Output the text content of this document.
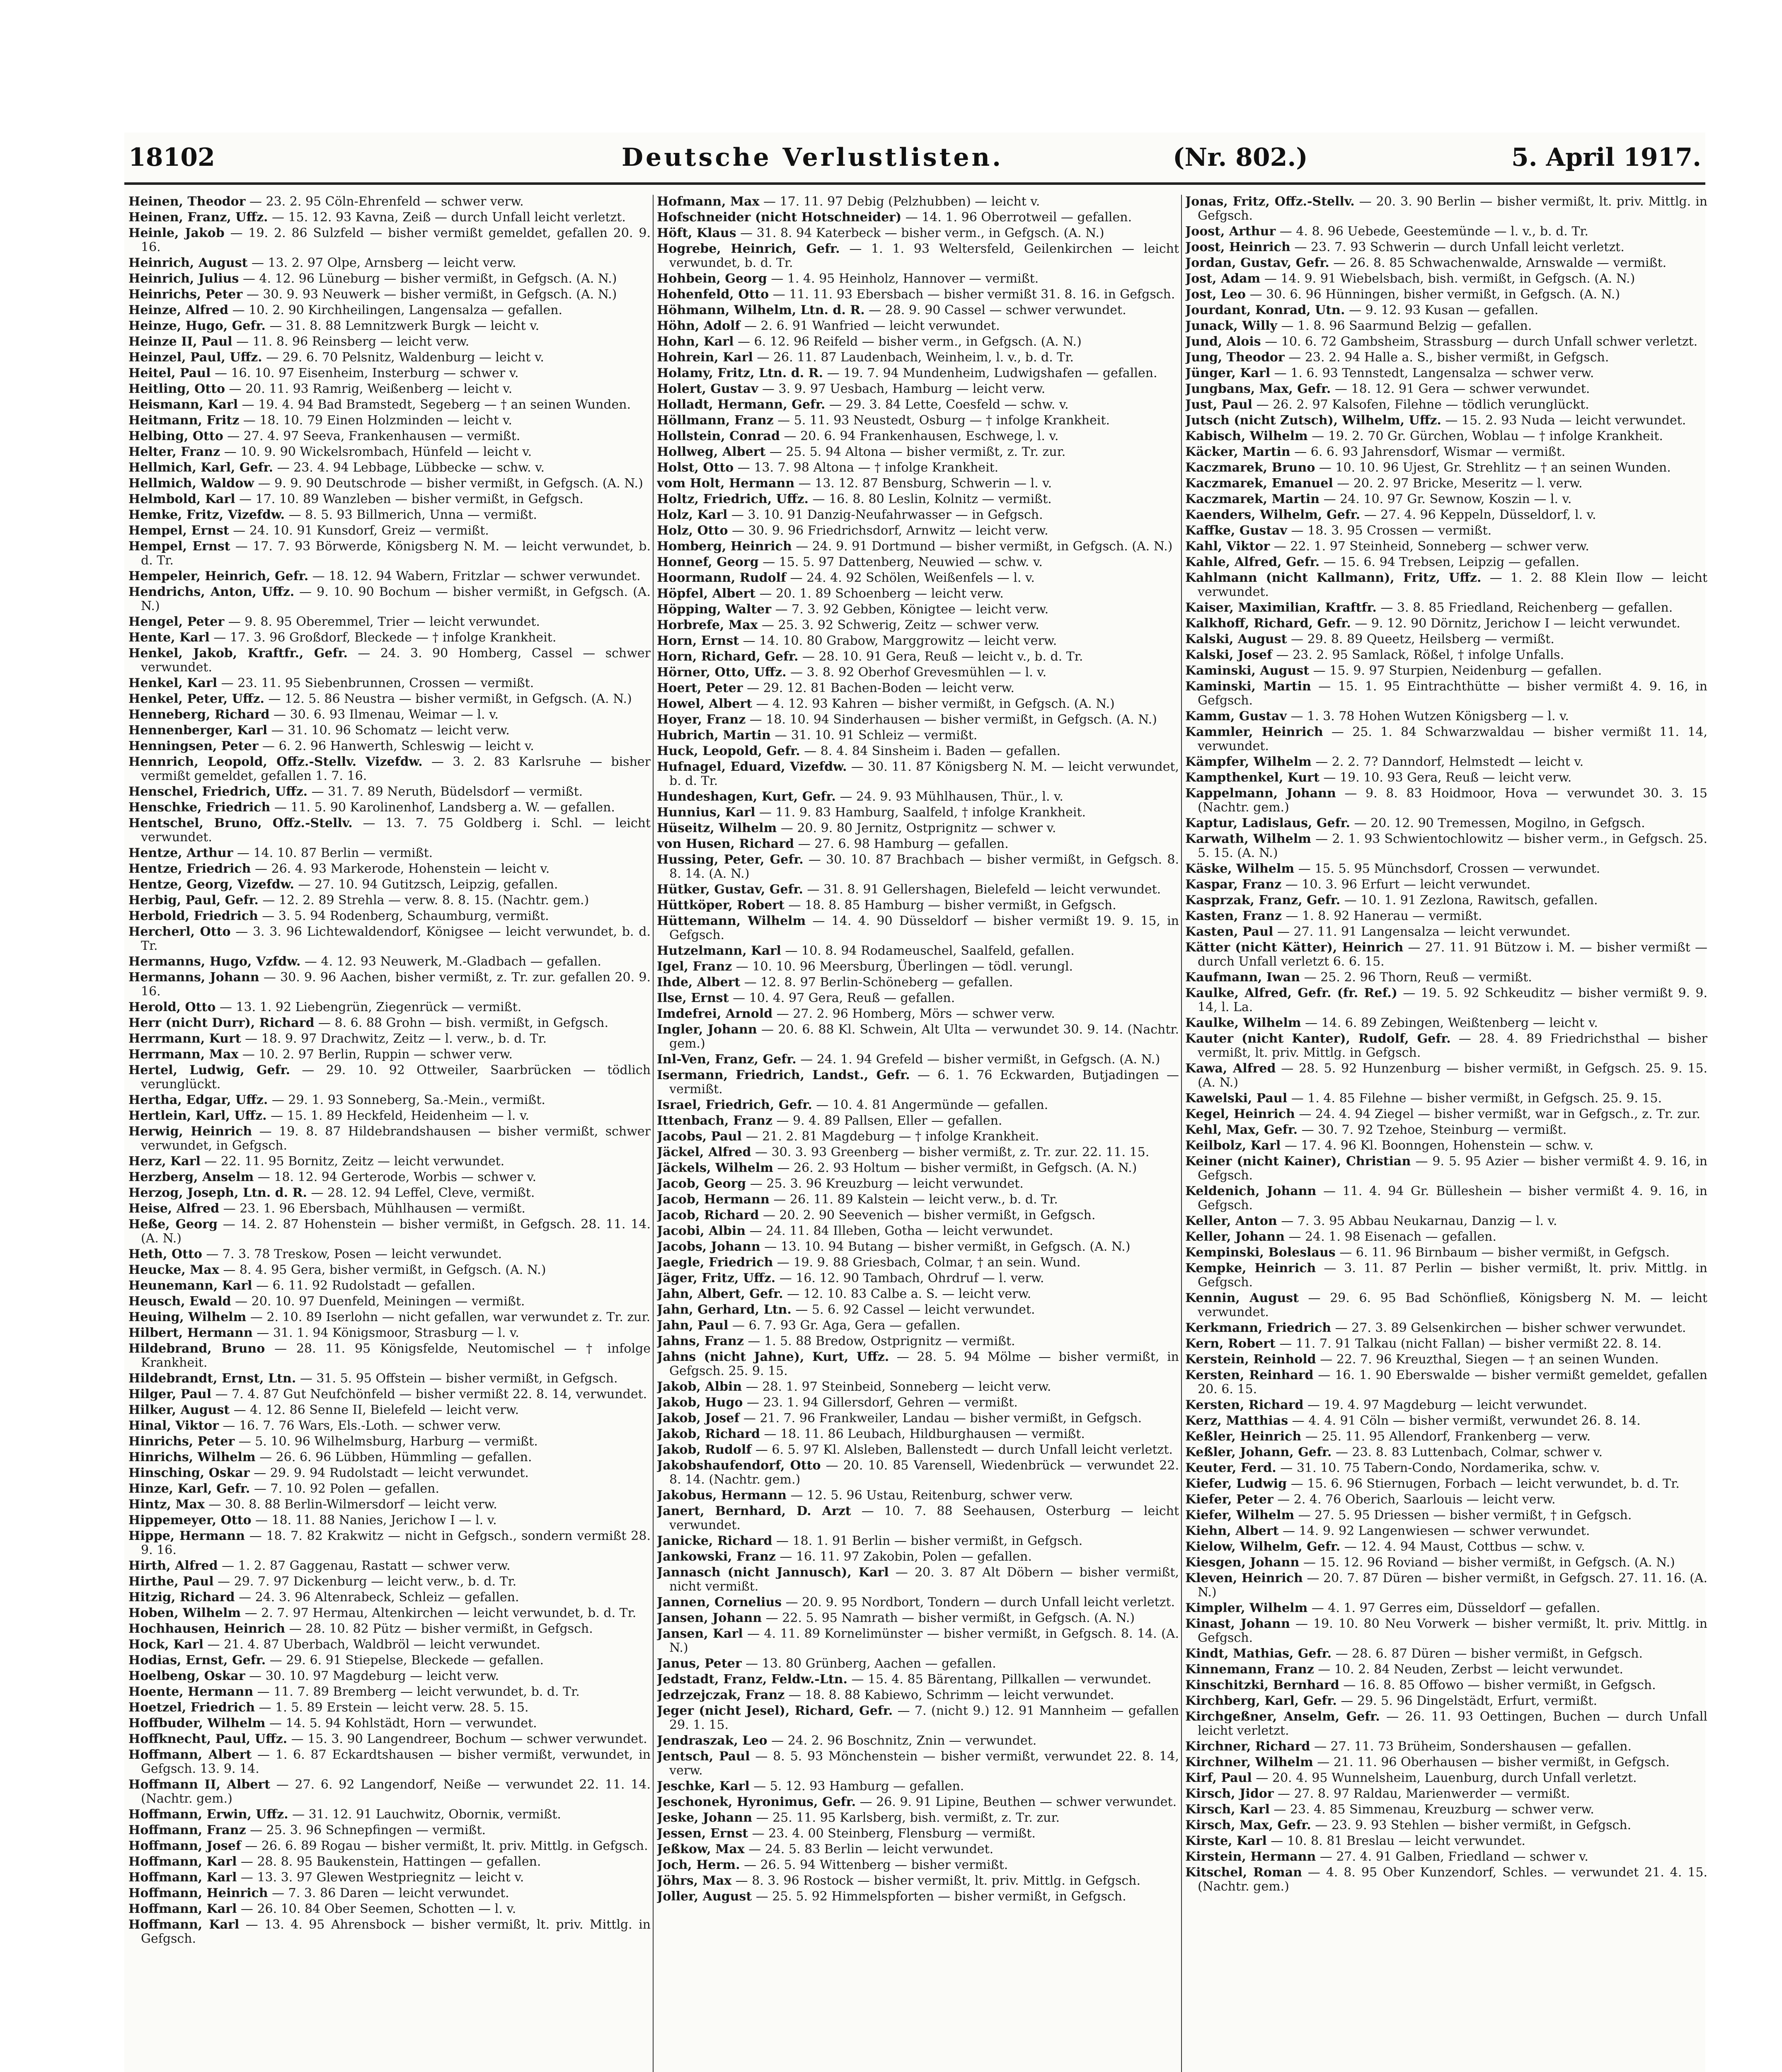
18102	Deutsche Verlustlisten.	(Nr. 802.)	5. April 1917.
Heinen, Theodor — 23. 2. 95 Cöln-Ehrenfeld — schwer verw.
Heinen, Franz, Uffz. — 15. 12. 93 Kavna, Zeiß — durch Unfall leicht verletzt.
Heinle, Jakob — 19. 2. 86 Sulzfeld — bisher vermißt gemeldet, gefallen 20. 9. 16.
Heinrich, August — 13. 2. 97 Olpe, Arnsberg — leicht verw.
Heinrich, Julius — 4. 12. 96 Lüneburg — bisher vermißt, in Gefgsch. (A. N.)
Heinrichs, Peter — 30. 9. 93 Neuwerk — bisher vermißt, in Gefgsch. (A. N.)
Heinze, Alfred — 10. 2. 90 Kirchheilingen, Langensalza — gefallen.
Heinze, Hugo, Gefr. — 31. 8. 88 Lemnitzwerk Burgk — leicht v.
Heinze II, Paul — 11. 8. 96 Reinsberg — leicht verw.
Heinzel, Paul, Uffz. — 29. 6. 70 Pelsnitz, Waldenburg — leicht v.
Heitel, Paul — 16. 10. 97 Eisenheim, Insterburg — schwer v.
Heitling, Otto — 20. 11. 93 Ramrig, Weißenberg — leicht v.
Heismann, Karl — 19. 4. 94 Bad Bramstedt, Segeberg — † an seinen Wunden.
Heitmann, Fritz — 18. 10. 79 Einen Holzminden — leicht v.
Helbing, Otto — 27. 4. 97 Seeva, Frankenhausen — vermißt.
Helter, Franz — 10. 9. 90 Wickelsrombach, Hünfeld — leicht v.
Hellmich, Karl, Gefr. — 23. 4. 94 Lebbage, Lübbecke — schw. v.
Hellmich, Waldow — 9. 9. 90 Deutschrode — bisher vermißt, in Gefgsch. (A. N.)
Helmbold, Karl — 17. 10. 89 Wanzleben — bisher vermißt, in Gefgsch.
Hemke, Fritz, Vizefdw. — 8. 5. 93 Billmerich, Unna — vermißt.
Hempel, Ernst — 24. 10. 91 Kunsdorf, Greiz — vermißt.
Hempel, Ernst — 17. 7. 93 Börwerde, Königsberg N. M. — leicht verwundet, b. d. Tr.
Hempeler, Heinrich, Gefr. — 18. 12. 94 Wabern, Fritzlar — schwer verwundet.
Hendrichs, Anton, Uffz. — 9. 10. 90 Bochum — bisher vermißt, in Gefgsch. (A. N.)
Hengel, Peter — 9. 8. 95 Oberemmel, Trier — leicht verwundet.
Hente, Karl — 17. 3. 96 Großdorf, Bleckede — † infolge Krankheit.
Henkel, Jakob, Kraftfr., Gefr. — 24. 3. 90 Homberg, Cassel — schwer verwundet.
Henkel, Karl — 23. 11. 95 Siebenbrunnen, Crossen — vermißt.
Henkel, Peter, Uffz. — 12. 5. 86 Neustra — bisher vermißt, in Gefgsch. (A. N.)
Henneberg, Richard — 30. 6. 93 Ilmenau, Weimar — l. v.
Hennenberger, Karl — 31. 10. 96 Schomatz — leicht verw.
Henningsen, Peter — 6. 2. 96 Hanwerth, Schleswig — leicht v.
Hennrich, Leopold, Offz.-Stellv. Vizefdw. — 3. 2. 83 Karlsruhe — bisher vermißt gemeldet, gefallen 1. 7. 16.
Henschel, Friedrich, Uffz. — 31. 7. 89 Neruth, Büdelsdorf — vermißt.
Henschke, Friedrich — 11. 5. 90 Karolinenhof, Landsberg a. W. — gefallen.
Hentschel, Bruno, Offz.-Stellv. — 13. 7. 75 Goldberg i. Schl. — leicht verwundet.
Hentze, Arthur — 14. 10. 87 Berlin — vermißt.
Hentze, Friedrich — 26. 4. 93 Markerode, Hohenstein — leicht v.
Hentze, Georg, Vizefdw. — 27. 10. 94 Gutitzsch, Leipzig, gefallen.
Herbig, Paul, Gefr. — 12. 2. 89 Strehla — verw. 8. 8. 15. (Nachtr. gem.)
Herbold, Friedrich — 3. 5. 94 Rodenberg, Schaumburg, vermißt.
Hercherl, Otto — 3. 3. 96 Lichtewaldendorf, Königsee — leicht verwundet, b. d. Tr.
Hermanns, Hugo, Vzfdw. — 4. 12. 93 Neuwerk, M.-Gladbach — gefallen.
Hermanns, Johann — 30. 9. 96 Aachen, bisher vermißt, z. Tr. zur. gefallen 20. 9. 16.
Herold, Otto — 13. 1. 92 Liebengrün, Ziegenrück — vermißt.
Herr (nicht Durr), Richard — 8. 6. 88 Grohn — bish. vermißt, in Gefgsch.
Herrmann, Kurt — 18. 9. 97 Drachwitz, Zeitz — l. verw., b. d. Tr.
Herrmann, Max — 10. 2. 97 Berlin, Ruppin — schwer verw.
Hertel, Ludwig, Gefr. — 29. 10. 92 Ottweiler, Saarbrücken — tödlich verunglückt.
Hertha, Edgar, Uffz. — 29. 1. 93 Sonneberg, Sa.-Mein., vermißt.
Hertlein, Karl, Uffz. — 15. 1. 89 Heckfeld, Heidenheim — l. v.
Herwig, Heinrich — 19. 8. 87 Hildebrandshausen — bisher vermißt, schwer verwundet, in Gefgsch.
Herz, Karl — 22. 11. 95 Bornitz, Zeitz — leicht verwundet.
Herzberg, Anselm — 18. 12. 94 Gerterode, Worbis — schwer v.
Herzog, Joseph, Ltn. d. R. — 28. 12. 94 Leffel, Cleve, vermißt.
Heise, Alfred — 23. 1. 96 Ebersbach, Mühlhausen — vermißt.
Heße, Georg — 14. 2. 87 Hohenstein — bisher vermißt, in Gefgsch. 28. 11. 14. (A. N.)
Heth, Otto — 7. 3. 78 Treskow, Posen — leicht verwundet.
Heucke, Max — 8. 4. 95 Gera, bisher vermißt, in Gefgsch. (A. N.)
Heunemann, Karl — 6. 11. 92 Rudolstadt — gefallen.
Heusch, Ewald — 20. 10. 97 Duenfeld, Meiningen — vermißt.
Heuing, Wilhelm — 2. 10. 89 Iserlohn — nicht gefallen, war verwundet z. Tr. zur.
Hilbert, Hermann — 31. 1. 94 Königsmoor, Strasburg — l. v.
Hildebrand, Bruno — 28. 11. 95 Königsfelde, Neutomischel — † infolge Krankheit.
Hildebrandt, Ernst, Ltn. — 31. 5. 95 Offstein — bisher vermißt, in Gefgsch.
Hilger, Paul — 7. 4. 87 Gut Neufchönfeld — bisher vermißt 22. 8. 14, verwundet.
Hilker, August — 4. 12. 86 Senne II, Bielefeld — leicht verw.
Hinal, Viktor — 16. 7. 76 Wars, Els.-Loth. — schwer verw.
Hinrichs, Peter — 5. 10. 96 Wilhelmsburg, Harburg — vermißt.
Hinrichs, Wilhelm — 26. 6. 96 Lübben, Hümmling — gefallen.
Hinsching, Oskar — 29. 9. 94 Rudolstadt — leicht verwundet.
Hinze, Karl, Gefr. — 7. 10. 92 Polen — gefallen.
Hintz, Max — 30. 8. 88 Berlin-Wilmersdorf — leicht verw.
Hippemeyer, Otto — 18. 11. 88 Nanies, Jerichow I — l. v.
Hippe, Hermann — 18. 7. 82 Krakwitz — nicht in Gefgsch., sondern vermißt 28. 9. 16.
Hirth, Alfred — 1. 2. 87 Gaggenau, Rastatt — schwer verw.
Hirthe, Paul — 29. 7. 97 Dickenburg — leicht verw., b. d. Tr.
Hitzig, Richard — 24. 3. 96 Altenrabeck, Schleiz — gefallen.
Hoben, Wilhelm — 2. 7. 97 Hermau, Altenkirchen — leicht verwundet, b. d. Tr.
Hochhausen, Heinrich — 28. 10. 82 Pütz — bisher vermißt, in Gefgsch.
Hock, Karl — 21. 4. 87 Uberbach, Waldbröl — leicht verwundet.
Hodias, Ernst, Gefr. — 29. 6. 91 Stiepelse, Bleckede — gefallen.
Hoelbeng, Oskar — 30. 10. 97 Magdeburg — leicht verw.
Hoente, Hermann — 11. 7. 89 Bremberg — leicht verwundet, b. d. Tr.
Hoetzel, Friedrich — 1. 5. 89 Erstein — leicht verw. 28. 5. 15.
Hoffbuder, Wilhelm — 14. 5. 94 Kohlstädt, Horn — verwundet.
Hoffknecht, Paul, Uffz. — 15. 3. 90 Langendreer, Bochum — schwer verwundet.
Hoffmann, Albert — 1. 6. 87 Eckardtshausen — bisher vermißt, verwundet, in Gefgsch. 13. 9. 14.
Hoffmann II, Albert — 27. 6. 92 Langendorf, Neiße — verwundet 22. 11. 14. (Nachtr. gem.)
Hoffmann, Erwin, Uffz. — 31. 12. 91 Lauchwitz, Oborniк, vermißt.
Hoffmann, Franz — 25. 3. 96 Schnepfingen — vermißt.
Hoffmann, Josef — 26. 6. 89 Rogau — bisher vermißt, lt. priv. Mittlg. in Gefgsch.
Hoffmann, Karl — 28. 8. 95 Baukenstein, Hattingen — gefallen.
Hoffmann, Karl — 13. 3. 97 Glewen Westpriegnitz — leicht v.
Hoffmann, Heinrich — 7. 3. 86 Daren — leicht verwundet.
Hoffmann, Karl — 26. 10. 84 Ober Seemen, Schotten — l. v.
Hoffmann, Karl — 13. 4. 95 Ahrensbock — bisher vermißt, lt. priv. Mittlg. in Gefgsch.
Hofmann, Max — 17. 11. 97 Debig (Pelzhubben) — leicht v.
Hofschneider (nicht Hotschneider) — 14. 1. 96 Oberrotweil — gefallen.
Höft, Klaus — 31. 8. 94 Katerbeck — bisher verm., in Gefgsch. (A. N.)
Hogrebe, Heinrich, Gefr. — 1. 1. 93 Weltersfeld, Geilenkirchen — leicht verwundet, b. d. Tr.
Hohbein, Georg — 1. 4. 95 Heinholz, Hannover — vermißt.
Hohenfeld, Otto — 11. 11. 93 Ebersbach — bisher vermißt 31. 8. 16. in Gefgsch.
Höhmann, Wilhelm, Ltn. d. R. — 28. 9. 90 Cassel — schwer verwundet.
Höhn, Adolf — 2. 6. 91 Wanfried — leicht verwundet.
Hohn, Karl — 6. 12. 96 Reifeld — bisher verm., in Gefgsch. (A. N.)
Hohrein, Karl — 26. 11. 87 Laudenbach, Weinheim, l. v., b. d. Tr.
Holamy, Fritz, Ltn. d. R. — 19. 7. 94 Mundenheim, Ludwigshafen — gefallen.
Holert, Gustav — 3. 9. 97 Uesbach, Hamburg — leicht verw.
Holladt, Hermann, Gefr. — 29. 3. 84 Lette, Coesfeld — schw. v.
Höllmann, Franz — 5. 11. 93 Neustedt, Osburg — † infolge Krankheit.
Hollstein, Conrad — 20. 6. 94 Frankenhausen, Eschwege, l. v.
Hollweg, Albert — 25. 5. 94 Altona — bisher vermißt, z. Tr. zur.
Holst, Otto — 13. 7. 98 Altona — † infolge Krankheit.
vom Holt, Hermann — 13. 12. 87 Bensburg, Schwerin — l. v.
Holtz, Friedrich, Uffz. — 16. 8. 80 Leslin, Kolnitz — vermißt.
Holz, Karl — 3. 10. 91 Danzig-Neufahrwasser — in Gefgsch.
Holz, Otto — 30. 9. 96 Friedrichsdorf, Arnwitz — leicht verw.
Homberg, Heinrich — 24. 9. 91 Dortmund — bisher vermißt, in Gefgsch. (A. N.)
Honnef, Georg — 15. 5. 97 Dattenberg, Neuwied — schw. v.
Hoormann, Rudolf — 24. 4. 92 Schölen, Weißenfels — l. v.
Höpfel, Albert — 20. 1. 89 Schoenberg — leicht verw.
Höpping, Walter — 7. 3. 92 Gebben, Königtee — leicht verw.
Horbrefe, Max — 25. 3. 92 Schwerig, Zeitz — schwer verw.
Horn, Ernst — 14. 10. 80 Grabow, Marggrowitz — leicht verw.
Horn, Richard, Gefr. — 28. 10. 91 Gera, Reuß — leicht v., b. d. Tr.
Hörner, Otto, Uffz. — 3. 8. 92 Oberhof Grevesmühlen — l. v.
Hoert, Peter — 29. 12. 81 Bachen-Boden — leicht verw.
Howel, Albert — 4. 12. 93 Kahren — bisher vermißt, in Gefgsch. (A. N.)
Hoyer, Franz — 18. 10. 94 Sinderhausen — bisher vermißt, in Gefgsch. (A. N.)
Hubrich, Martin — 31. 10. 91 Schleiz — vermißt.
Huck, Leopold, Gefr. — 8. 4. 84 Sinsheim i. Baden — gefallen.
Hufnagel, Eduard, Vizefdw. — 30. 11. 87 Königsberg N. M. — leicht verwundet, b. d. Tr.
Hundeshagen, Kurt, Gefr. — 24. 9. 93 Mühlhausen, Thür., l. v.
Hunnius, Karl — 11. 9. 83 Hamburg, Saalfeld, † infolge Krankheit.
Hüseitz, Wilhelm — 20. 9. 80 Jernitz, Ostprignitz — schwer v.
von Husen, Richard — 27. 6. 98 Hamburg — gefallen.
Hussing, Peter, Gefr. — 30. 10. 87 Brachbach — bisher vermißt, in Gefgsch. 8. 8. 14. (A. N.)
Hütker, Gustav, Gefr. — 31. 8. 91 Gellershagen, Bielefeld — leicht verwundet.
Hüttköper, Robert — 18. 8. 85 Hamburg — bisher vermißt, in Gefgsch.
Hüttemann, Wilhelm — 14. 4. 90 Düsseldorf — bisher vermißt 19. 9. 15, in Gefgsch.
Hutzelmann, Karl — 10. 8. 94 Rodameuschel, Saalfeld, gefallen.
Igel, Franz — 10. 10. 96 Meersburg, Überlingen — tödl. verungl.
Ihde, Albert — 12. 8. 97 Berlin-Schöneberg — gefallen.
Ilse, Ernst — 10. 4. 97 Gera, Reuß — gefallen.
Imdefrei, Arnold — 27. 2. 96 Homberg, Mörs — schwer verw.
Ingler, Johann — 20. 6. 88 Kl. Schwein, Alt Ulta — verwundet 30. 9. 14. (Nachtr. gem.)
Inl-Ven, Franz, Gefr. — 24. 1. 94 Grefeld — bisher vermißt, in Gefgsch. (A. N.)
Isermann, Friedrich, Landst., Gefr. — 6. 1. 76 Eckwarden, Butjadingen — vermißt.
Israel, Friedrich, Gefr. — 10. 4. 81 Angermünde — gefallen.
Ittenbach, Franz — 9. 4. 89 Pallsen, Eller — gefallen.
Jacobs, Paul — 21. 2. 81 Magdeburg — † infolge Krankheit.
Jäckel, Alfred — 30. 3. 93 Greenberg — bisher vermißt, z. Tr. zur. 22. 11. 15.
Jäckels, Wilhelm — 26. 2. 93 Holtum — bisher vermißt, in Gefgsch. (A. N.)
Jacob, Georg — 25. 3. 96 Kreuzburg — leicht verwundet.
Jacob, Hermann — 26. 11. 89 Kalstein — leicht verw., b. d. Tr.
Jacob, Richard — 20. 2. 90 Seevenich — bisher vermißt, in Gefgsch.
Jacobi, Albin — 24. 11. 84 Illeben, Gotha — leicht verwundet.
Jacobs, Johann — 13. 10. 94 Butang — bisher vermißt, in Gefgsch. (A. N.)
Jaegle, Friedrich — 19. 9. 88 Griesbach, Colmar, † an sein. Wund.
Jäger, Fritz, Uffz. — 16. 12. 90 Tambach, Ohrdruf — l. verw.
Jahn, Albert, Gefr. — 12. 10. 83 Calbe a. S. — leicht verw.
Jahn, Gerhard, Ltn. — 5. 6. 92 Cassel — leicht verwundet.
Jahn, Paul — 6. 7. 93 Gr. Aga, Gera — gefallen.
Jahns, Franz — 1. 5. 88 Bredow, Ostprignitz — vermißt.
Jahns (nicht Jahne), Kurt, Uffz. — 28. 5. 94 Mölme — bisher vermißt, in Gefgsch. 25. 9. 15.
Jakob, Albin — 28. 1. 97 Steinbeid, Sonneberg — leicht verw.
Jakob, Hugo — 23. 1. 94 Gillersdorf, Gehren — vermißt.
Jakob, Josef — 21. 7. 96 Frankweiler, Landau — bisher vermißt, in Gefgsch.
Jakob, Richard — 18. 11. 86 Leubach, Hildburghausen — vermißt.
Jakob, Rudolf — 6. 5. 97 Kl. Alsleben, Ballenstedt — durch Unfall leicht verletzt.
Jakobshaufendorf, Otto — 20. 10. 85 Varensell, Wiedenbrück — verwundet 22. 8. 14. (Nachtr. gem.)
Jakobus, Hermann — 12. 5. 96 Ustau, Reitenburg, schwer verw.
Janert, Bernhard, D. Arzt — 10. 7. 88 Seehausen, Osterburg — leicht verwundet.
Janicke, Richard — 18. 1. 91 Berlin — bisher vermißt, in Gefgsch.
Jankowski, Franz — 16. 11. 97 Zakobin, Polen — gefallen.
Jannasch (nicht Jannusch), Karl — 20. 3. 87 Alt Döbern — bisher vermißt, nicht vermißt.
Jannen, Cornelius — 20. 9. 95 Nordbort, Tondern — durch Unfall leicht verletzt.
Jansen, Johann — 22. 5. 95 Namrath — bisher vermißt, in Gefgsch. (A. N.)
Jansen, Karl — 4. 11. 89 Kornelimünster — bisher vermißt, in Gefgsch. 8. 14. (A. N.)
Janus, Peter — 13. 80 Grünberg, Aachen — gefallen.
Jedstadt, Franz, Feldw.-Ltn. — 15. 4. 85 Bärentang, Pillkallen — verwundet.
Jedrzejczak, Franz — 18. 8. 88 Kabiewo, Schrimm — leicht verwundet.
Jeger (nicht Jesel), Richard, Gefr. — 7. (nicht 9.) 12. 91 Mannheim — gefallen 29. 1. 15.
Jendraszak, Leo — 24. 2. 96 Boschnitz, Znin — verwundet.
Jentsch, Paul — 8. 5. 93 Mönchenstein — bisher vermißt, verwundet 22. 8. 14, verw.
Jeschke, Karl — 5. 12. 93 Hamburg — gefallen.
Jeschonek, Hyronimus, Gefr. — 26. 9. 91 Lipine, Beuthen — schwer verwundet.
Jeske, Johann — 25. 11. 95 Karlsberg, bish. vermißt, z. Tr. zur.
Jessen, Ernst — 23. 4. 00 Steinberg, Flensburg — vermißt.
Jeßkow, Max — 24. 5. 83 Berlin — leicht verwundet.
Joch, Herm. — 26. 5. 94 Wittenberg — bisher vermißt.
Jöhrs, Max — 8. 3. 96 Rostock — bisher vermißt, lt. priv. Mittlg. in Gefgsch.
Joller, August — 25. 5. 92 Himmelspforten — bisher vermißt, in Gefgsch.
Jonas, Fritz, Offz.-Stellv. — 20. 3. 90 Berlin — bisher vermißt, lt. priv. Mittlg. in Gefgsch.
Joost, Arthur — 4. 8. 96 Uebede, Geestemünde — l. v., b. d. Tr.
Joost, Heinrich — 23. 7. 93 Schwerin — durch Unfall leicht verletzt.
Jordan, Gustav, Gefr. — 26. 8. 85 Schwachenwalde, Arnswalde — vermißt.
Jost, Adam — 14. 9. 91 Wiebelsbach, bish. vermißt, in Gefgsch. (A. N.)
Jost, Leo — 30. 6. 96 Hünningen, bisher vermißt, in Gefgsch. (A. N.)
Jourdant, Konrad, Utn. — 9. 12. 93 Kusan — gefallen.
Junack, Willy — 1. 8. 96 Saarmund Belzig — gefallen.
Jund, Alois — 10. 6. 72 Gambsheim, Strassburg — durch Unfall schwer verletzt.
Jung, Theodor — 23. 2. 94 Halle a. S., bisher vermißt, in Gefgsch.
Jünger, Karl — 1. 6. 93 Tennstedt, Langensalza — schwer verw.
Jungbans, Max, Gefr. — 18. 12. 91 Gera — schwer verwundet.
Just, Paul — 26. 2. 97 Kalsofen, Filehne — tödlich verunglückt.
Jutsch (nicht Zutsch), Wilhelm, Uffz. — 15. 2. 93 Nuda — leicht verwundet.
Kabisch, Wilhelm — 19. 2. 70 Gr. Gürchen, Woblau — † infolge Krankheit.
Käcker, Martin — 6. 6. 93 Jahrensdorf, Wismar — vermißt.
Kaczmarek, Bruno — 10. 10. 96 Ujest, Gr. Strehlitz — † an seinen Wunden.
Kaczmarek, Emanuel — 20. 2. 97 Bricke, Meseritz — l. verw.
Kaczmarek, Martin — 24. 10. 97 Gr. Sewnow, Koszin — l. v.
Kaenders, Wilhelm, Gefr. — 27. 4. 96 Keppeln, Düsseldorf, l. v.
Kaffke, Gustav — 18. 3. 95 Crossen — vermißt.
Kahl, Viktor — 22. 1. 97 Steinheid, Sonneberg — schwer verw.
Kahle, Alfred, Gefr. — 15. 6. 94 Trebsen, Leipzig — gefallen.
Kahlmann (nicht Kallmann), Fritz, Uffz. — 1. 2. 88 Klein Ilow — leicht verwundet.
Kaiser, Maximilian, Kraftfr. — 3. 8. 85 Friedland, Reichenberg — gefallen.
Kalkhoff, Richard, Gefr. — 9. 12. 90 Dörnitz, Jerichow I — leicht verwundet.
Kalski, August — 29. 8. 89 Queetz, Heilsberg — vermißt.
Kalski, Josef — 23. 2. 95 Samlack, Rößel, † infolge Unfalls.
Kaminski, August — 15. 9. 97 Sturpien, Neidenburg — gefallen.
Kaminski, Martin — 15. 1. 95 Eintrachthütte — bisher vermißt 4. 9. 16, in Gefgsch.
Kamm, Gustav — 1. 3. 78 Hohen Wutzen Königsberg — l. v.
Kammler, Heinrich — 25. 1. 84 Schwarzwaldau — bisher vermißt 11. 14, verwundet.
Kämpfer, Wilhelm — 2. 2. 7? Danndorf, Helmstedt — leicht v.
Kampthenkel, Kurt — 19. 10. 93 Gera, Reuß — leicht verw.
Kappelmann, Johann — 9. 8. 83 Hoidmoor, Hova — verwundet 30. 3. 15 (Nachtr. gem.)
Kaptur, Ladislaus, Gefr. — 20. 12. 90 Tremessen, Mogilno, in Gefgsch.
Karwath, Wilhelm — 2. 1. 93 Schwientochlowitz — bisher verm., in Gefgsch. 25. 5. 15. (A. N.)
Käske, Wilhelm — 15. 5. 95 Münchsdorf, Crossen — verwundet.
Kaspar, Franz — 10. 3. 96 Erfurt — leicht verwundet.
Kasprzak, Franz, Gefr. — 10. 1. 91 Zezlona, Rawitsch, gefallen.
Kasten, Franz — 1. 8. 92 Hanerau — vermißt.
Kasten, Paul — 27. 11. 91 Langensalza — leicht verwundet.
Kätter (nicht Kätter), Heinrich — 27. 11. 91 Bützow i. M. — bisher vermißt — durch Unfall verletzt 6. 6. 15.
Kaufmann, Iwan — 25. 2. 96 Thorn, Reuß — vermißt.
Kaulke, Alfred, Gefr. (fr. Ref.) — 19. 5. 92 Schkeuditz — bisher vermißt 9. 9. 14, l. La.
Kaulke, Wilhelm — 14. 6. 89 Zebingen, Weißtenberg — leicht v.
Kauter (nicht Kanter), Rudolf, Gefr. — 28. 4. 89 Friedrichsthal — bisher vermißt, lt. priv. Mittlg. in Gefgsch.
Kawa, Alfred — 28. 5. 92 Hunzenburg — bisher vermißt, in Gefgsch. 25. 9. 15. (A. N.)
Kawelski, Paul — 1. 4. 85 Filehne — bisher vermißt, in Gefgsch. 25. 9. 15.
Kegel, Heinrich — 24. 4. 94 Ziegel — bisher vermißt, war in Gefgsch., z. Tr. zur.
Kehl, Max, Gefr. — 30. 7. 92 Tzehoe, Steinburg — vermißt.
Keilbolz, Karl — 17. 4. 96 Kl. Boonngen, Hohenstein — schw. v.
Keiner (nicht Kainer), Christian — 9. 5. 95 Azier — bisher vermißt 4. 9. 16, in Gefgsch.
Keldenich, Johann — 11. 4. 94 Gr. Bülleshein — bisher vermißt 4. 9. 16, in Gefgsch.
Keller, Anton — 7. 3. 95 Abbau Neukarnau, Danzig — l. v.
Keller, Johann — 24. 1. 98 Eisenach — gefallen.
Kempinski, Boleslaus — 6. 11. 96 Birnbaum — bisher vermißt, in Gefgsch.
Kempke, Heinrich — 3. 11. 87 Perlin — bisher vermißt, lt. priv. Mittlg. in Gefgsch.
Kennin, August — 29. 6. 95 Bad Schönfließ, Königsberg N. M. — leicht verwundet.
Kerkmann, Friedrich — 27. 3. 89 Gelsenkirchen — bisher schwer verwundet.
Kern, Robert — 11. 7. 91 Talkau (nicht Fallan) — bisher vermißt 22. 8. 14.
Kerstein, Reinhold — 22. 7. 96 Kreuzthal, Siegen — † an seinen Wunden.
Kersten, Reinhard — 16. 1. 90 Eberswalde — bisher vermißt gemeldet, gefallen 20. 6. 15.
Kersten, Richard — 19. 4. 97 Magdeburg — leicht verwundet.
Kerz, Matthias — 4. 4. 91 Cöln — bisher vermißt, verwundet 26. 8. 14.
Keßler, Heinrich — 25. 11. 95 Allendorf, Frankenberg — verw.
Keßler, Johann, Gefr. — 23. 8. 83 Luttenbach, Colmar, schwer v.
Keuter, Ferd. — 31. 10. 75 Tabern-Condo, Nordamerika, schw. v.
Kiefer, Ludwig — 15. 6. 96 Stiernugen, Forbach — leicht verwundet, b. d. Tr.
Kiefer, Peter — 2. 4. 76 Oberich, Saarlouis — leicht verw.
Kiefer, Wilhelm — 27. 5. 95 Driessen — bisher vermißt, † in Gefgsch.
Kiehn, Albert — 14. 9. 92 Langenwiesen — schwer verwundet.
Kielow, Wilhelm, Gefr. — 12. 4. 94 Maust, Cottbus — schw. v.
Kiesgen, Johann — 15. 12. 96 Roviand — bisher vermißt, in Gefgsch. (A. N.)
Kleven, Heinrich — 20. 7. 87 Düren — bisher vermißt, in Gefgsch. 27. 11. 16. (A. N.)
Kimpler, Wilhelm — 4. 1. 97 Gerres eim, Düsseldorf — gefallen.
Kinast, Johann — 19. 10. 80 Neu Vorwerk — bisher vermißt, lt. priv. Mittlg. in Gefgsch.
Kindt, Mathias, Gefr. — 28. 6. 87 Düren — bisher vermißt, in Gefgsch.
Kinnemann, Franz — 10. 2. 84 Neuden, Zerbst — leicht verwundet.
Kinschitzki, Bernhard — 16. 8. 85 Offowo — bisher vermißt, in Gefgsch.
Kirchberg, Karl, Gefr. — 29. 5. 96 Dingelstädt, Erfurt, vermißt.
Kirchgeßner, Anselm, Gefr. — 26. 11. 93 Oettingen, Buchen — durch Unfall leicht verletzt.
Kirchner, Richard — 27. 11. 73 Brüheim, Sondershausen — gefallen.
Kirchner, Wilhelm — 21. 11. 96 Oberhausen — bisher vermißt, in Gefgsch.
Kirf, Paul — 20. 4. 95 Wunnelsheim, Lauenburg, durch Unfall verletzt.
Kirsch, Jidor — 27. 8. 97 Raldau, Marienwerder — vermißt.
Kirsch, Karl — 23. 4. 85 Simmenau, Kreuzburg — schwer verw.
Kirsch, Max, Gefr. — 23. 9. 93 Stehlen — bisher vermißt, in Gefgsch.
Kirste, Karl — 10. 8. 81 Breslau — leicht verwundet.
Kirstein, Hermann — 27. 4. 91 Galben, Friedland — schwer v.
Kitschel, Roman — 4. 8. 95 Ober Kunzendorf, Schles. — verwundet 21. 4. 15. (Nachtr. gem.)
